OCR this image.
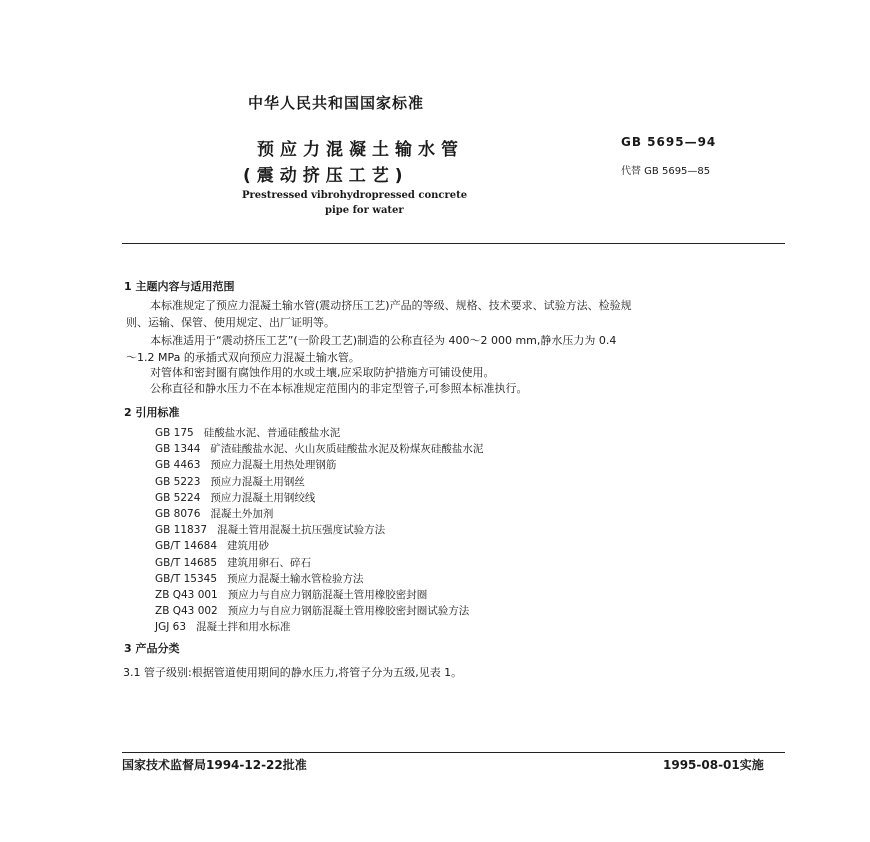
中华人民共和国国家标准
预应力混凝土输水管
(震动挤压工艺)
Prestressed vibrohydropressed concrete
pipe for water
GB 5695—94
代替 GB 5695—85
1 主题内容与适用范围
本标准规定了预应力混凝土输水管(震动挤压工艺)产品的等级、规格、技术要求、试验方法、检验规
则、运输、保管、使用规定、出厂证明等。
本标准适用于“震动挤压工艺”(一阶段工艺)制造的公称直径为 400～2 000 mm,静水压力为 0.4
～1.2 MPa 的承插式双向预应力混凝土输水管。
对管体和密封圈有腐蚀作用的水或土壤,应采取防护措施方可铺设使用。
公称直径和静水压力不在本标准规定范围内的非定型管子,可参照本标准执行。
2 引用标准
GB 175 硅酸盐水泥、普通硅酸盐水泥
GB 1344 矿渣硅酸盐水泥、火山灰质硅酸盐水泥及粉煤灰硅酸盐水泥
GB 4463 预应力混凝土用热处理钢筋
GB 5223 预应力混凝土用钢丝
GB 5224 预应力混凝土用钢绞线
GB 8076 混凝土外加剂
GB 11837 混凝土管用混凝土抗压强度试验方法
GB/T 14684 建筑用砂
GB/T 14685 建筑用卵石、碎石
GB/T 15345 预应力混凝土输水管检验方法
ZB Q43 001 预应力与自应力钢筋混凝土管用橡胶密封圈
ZB Q43 002 预应力与自应力钢筋混凝土管用橡胶密封圈试验方法
JGJ 63 混凝土拌和用水标准
3 产品分类
3.1 管子级别:根据管道使用期间的静水压力,将管子分为五级,见表 1。
国家技术监督局1994-12-22批准	1995-08-01实施
